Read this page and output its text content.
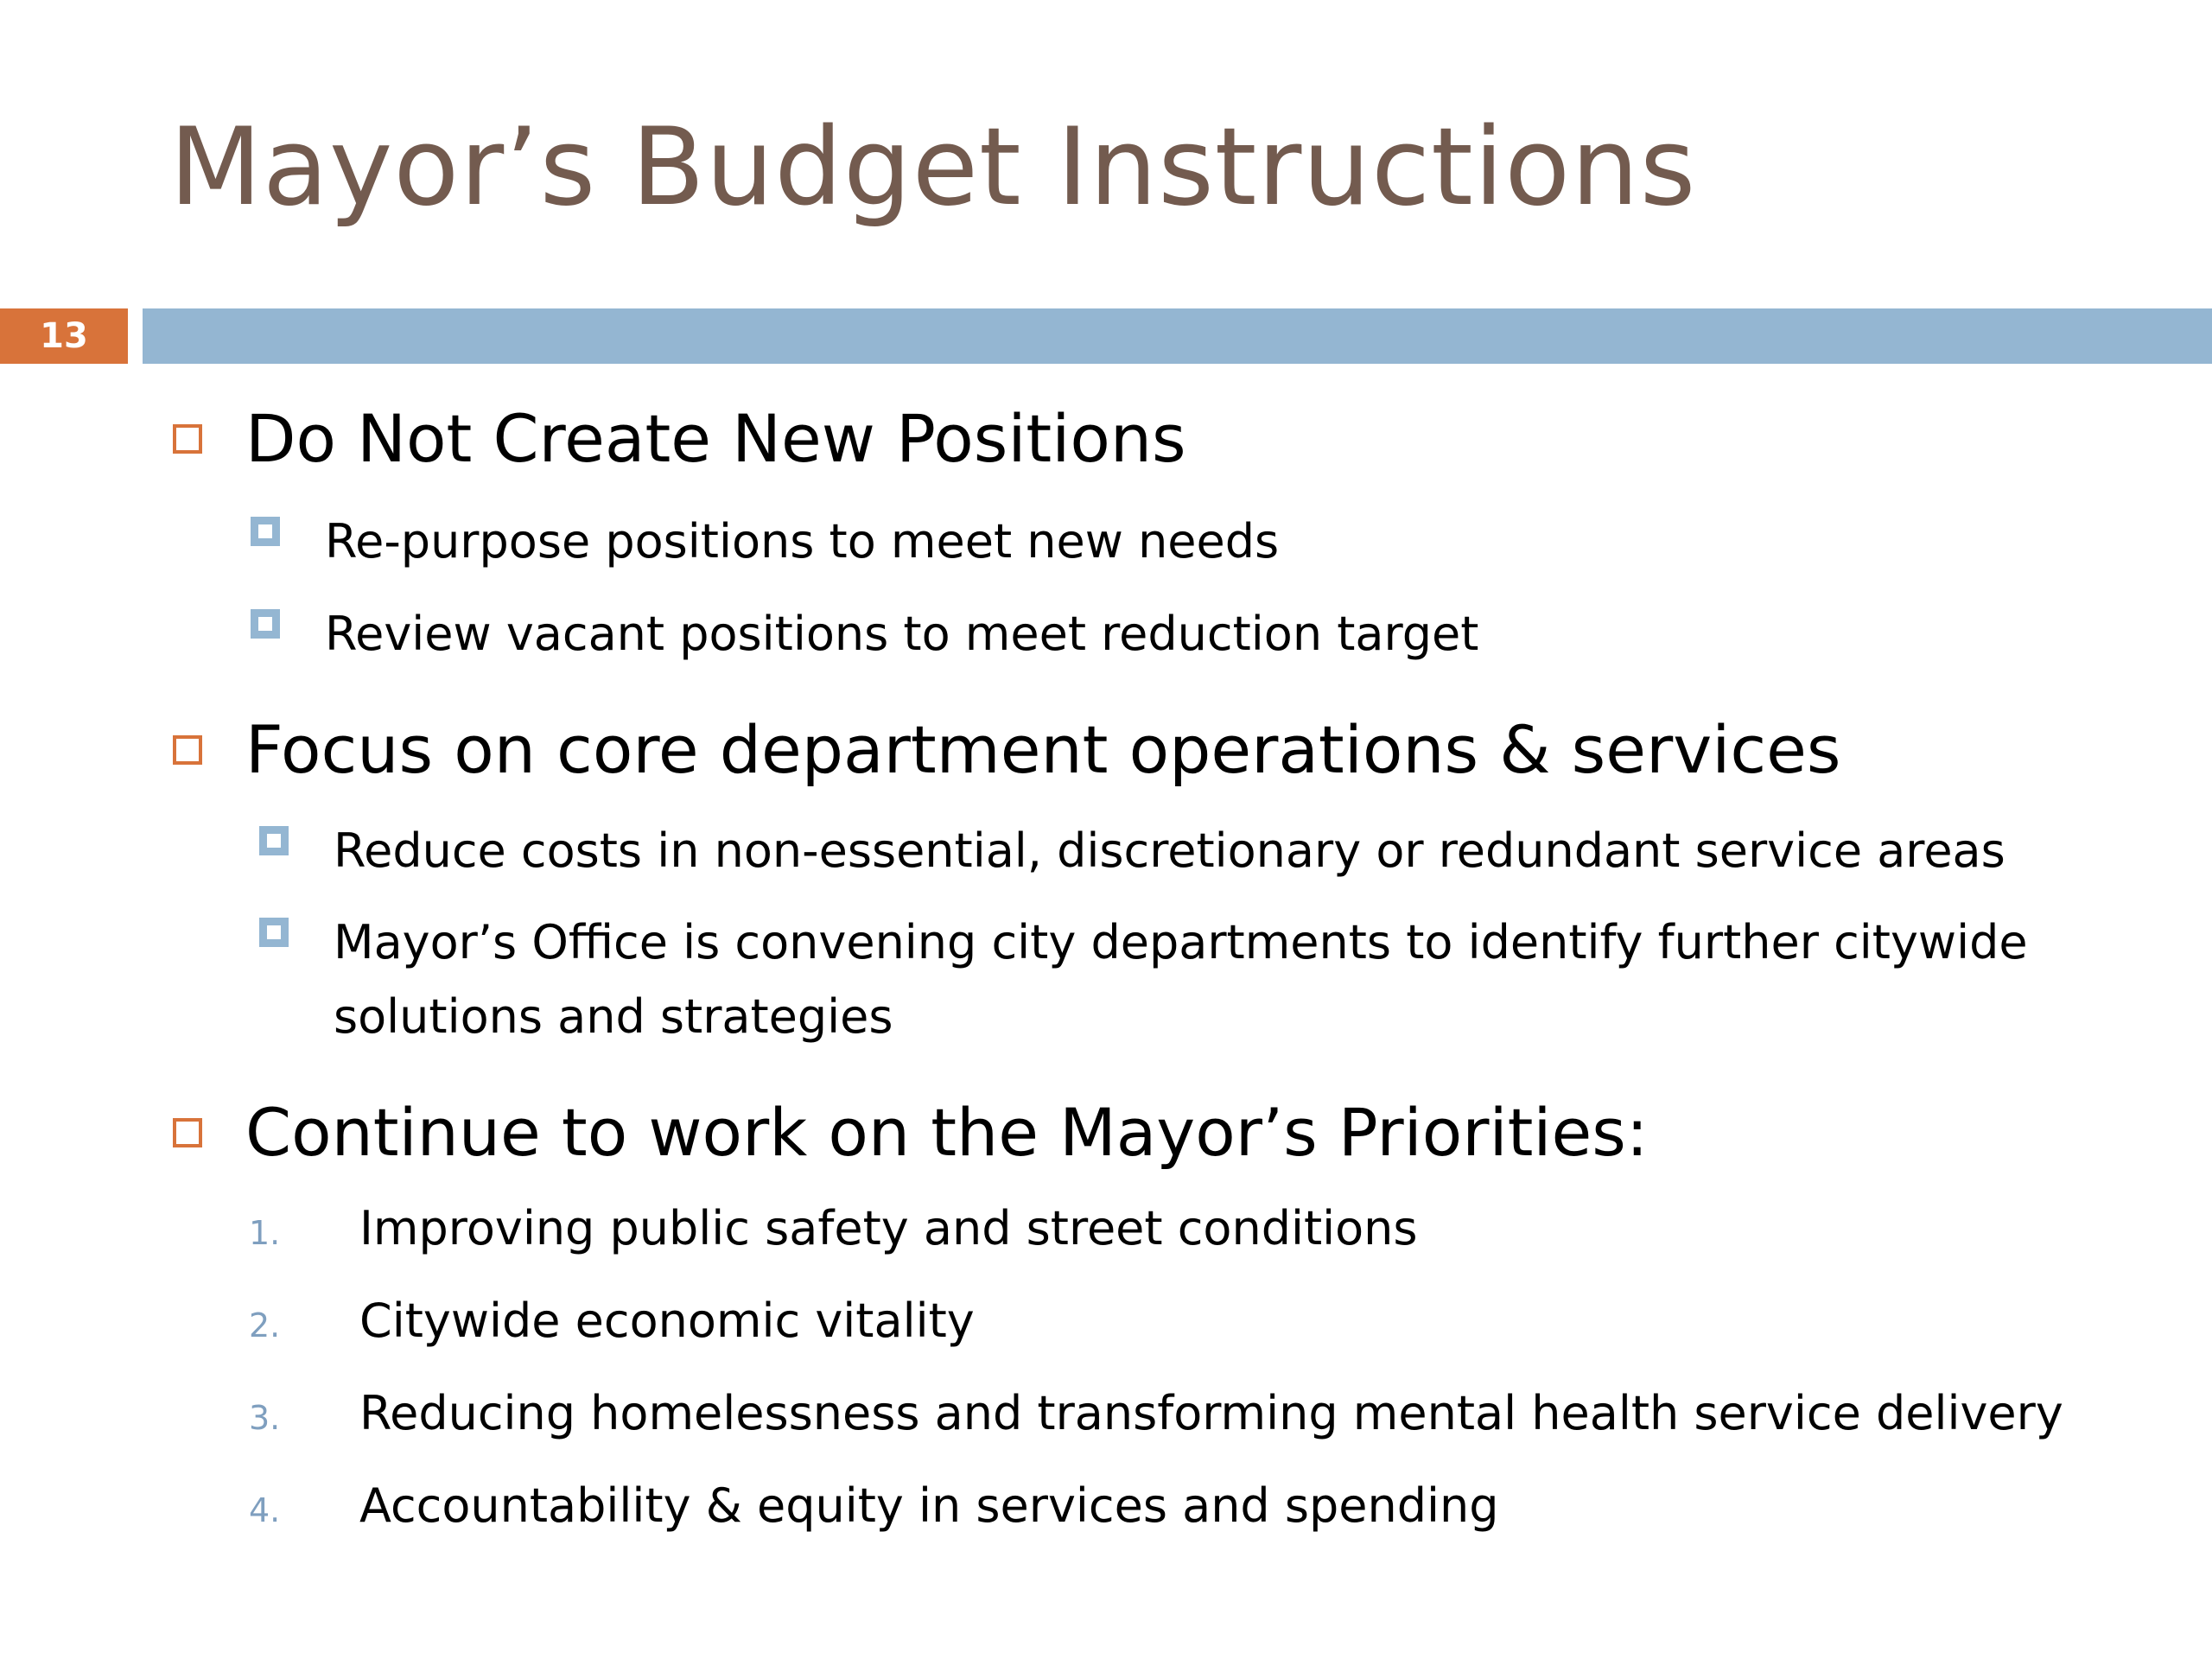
Mayor’s Budget Instructions
13
Do Not Create New Positions
Re-purpose positions to meet new needs
Review vacant positions to meet reduction target
Focus on core department operations & services
Reduce costs in non-essential, discretionary or redundant service areas
Mayor’s Office is convening city departments to identify further citywide solutions and strategies
Continue to work on the Mayor’s Priorities:
1.	Improving public safety and street conditions
2.	Citywide economic vitality
3.	Reducing homelessness and transforming mental health service delivery
4.	Accountability & equity in services and spending
